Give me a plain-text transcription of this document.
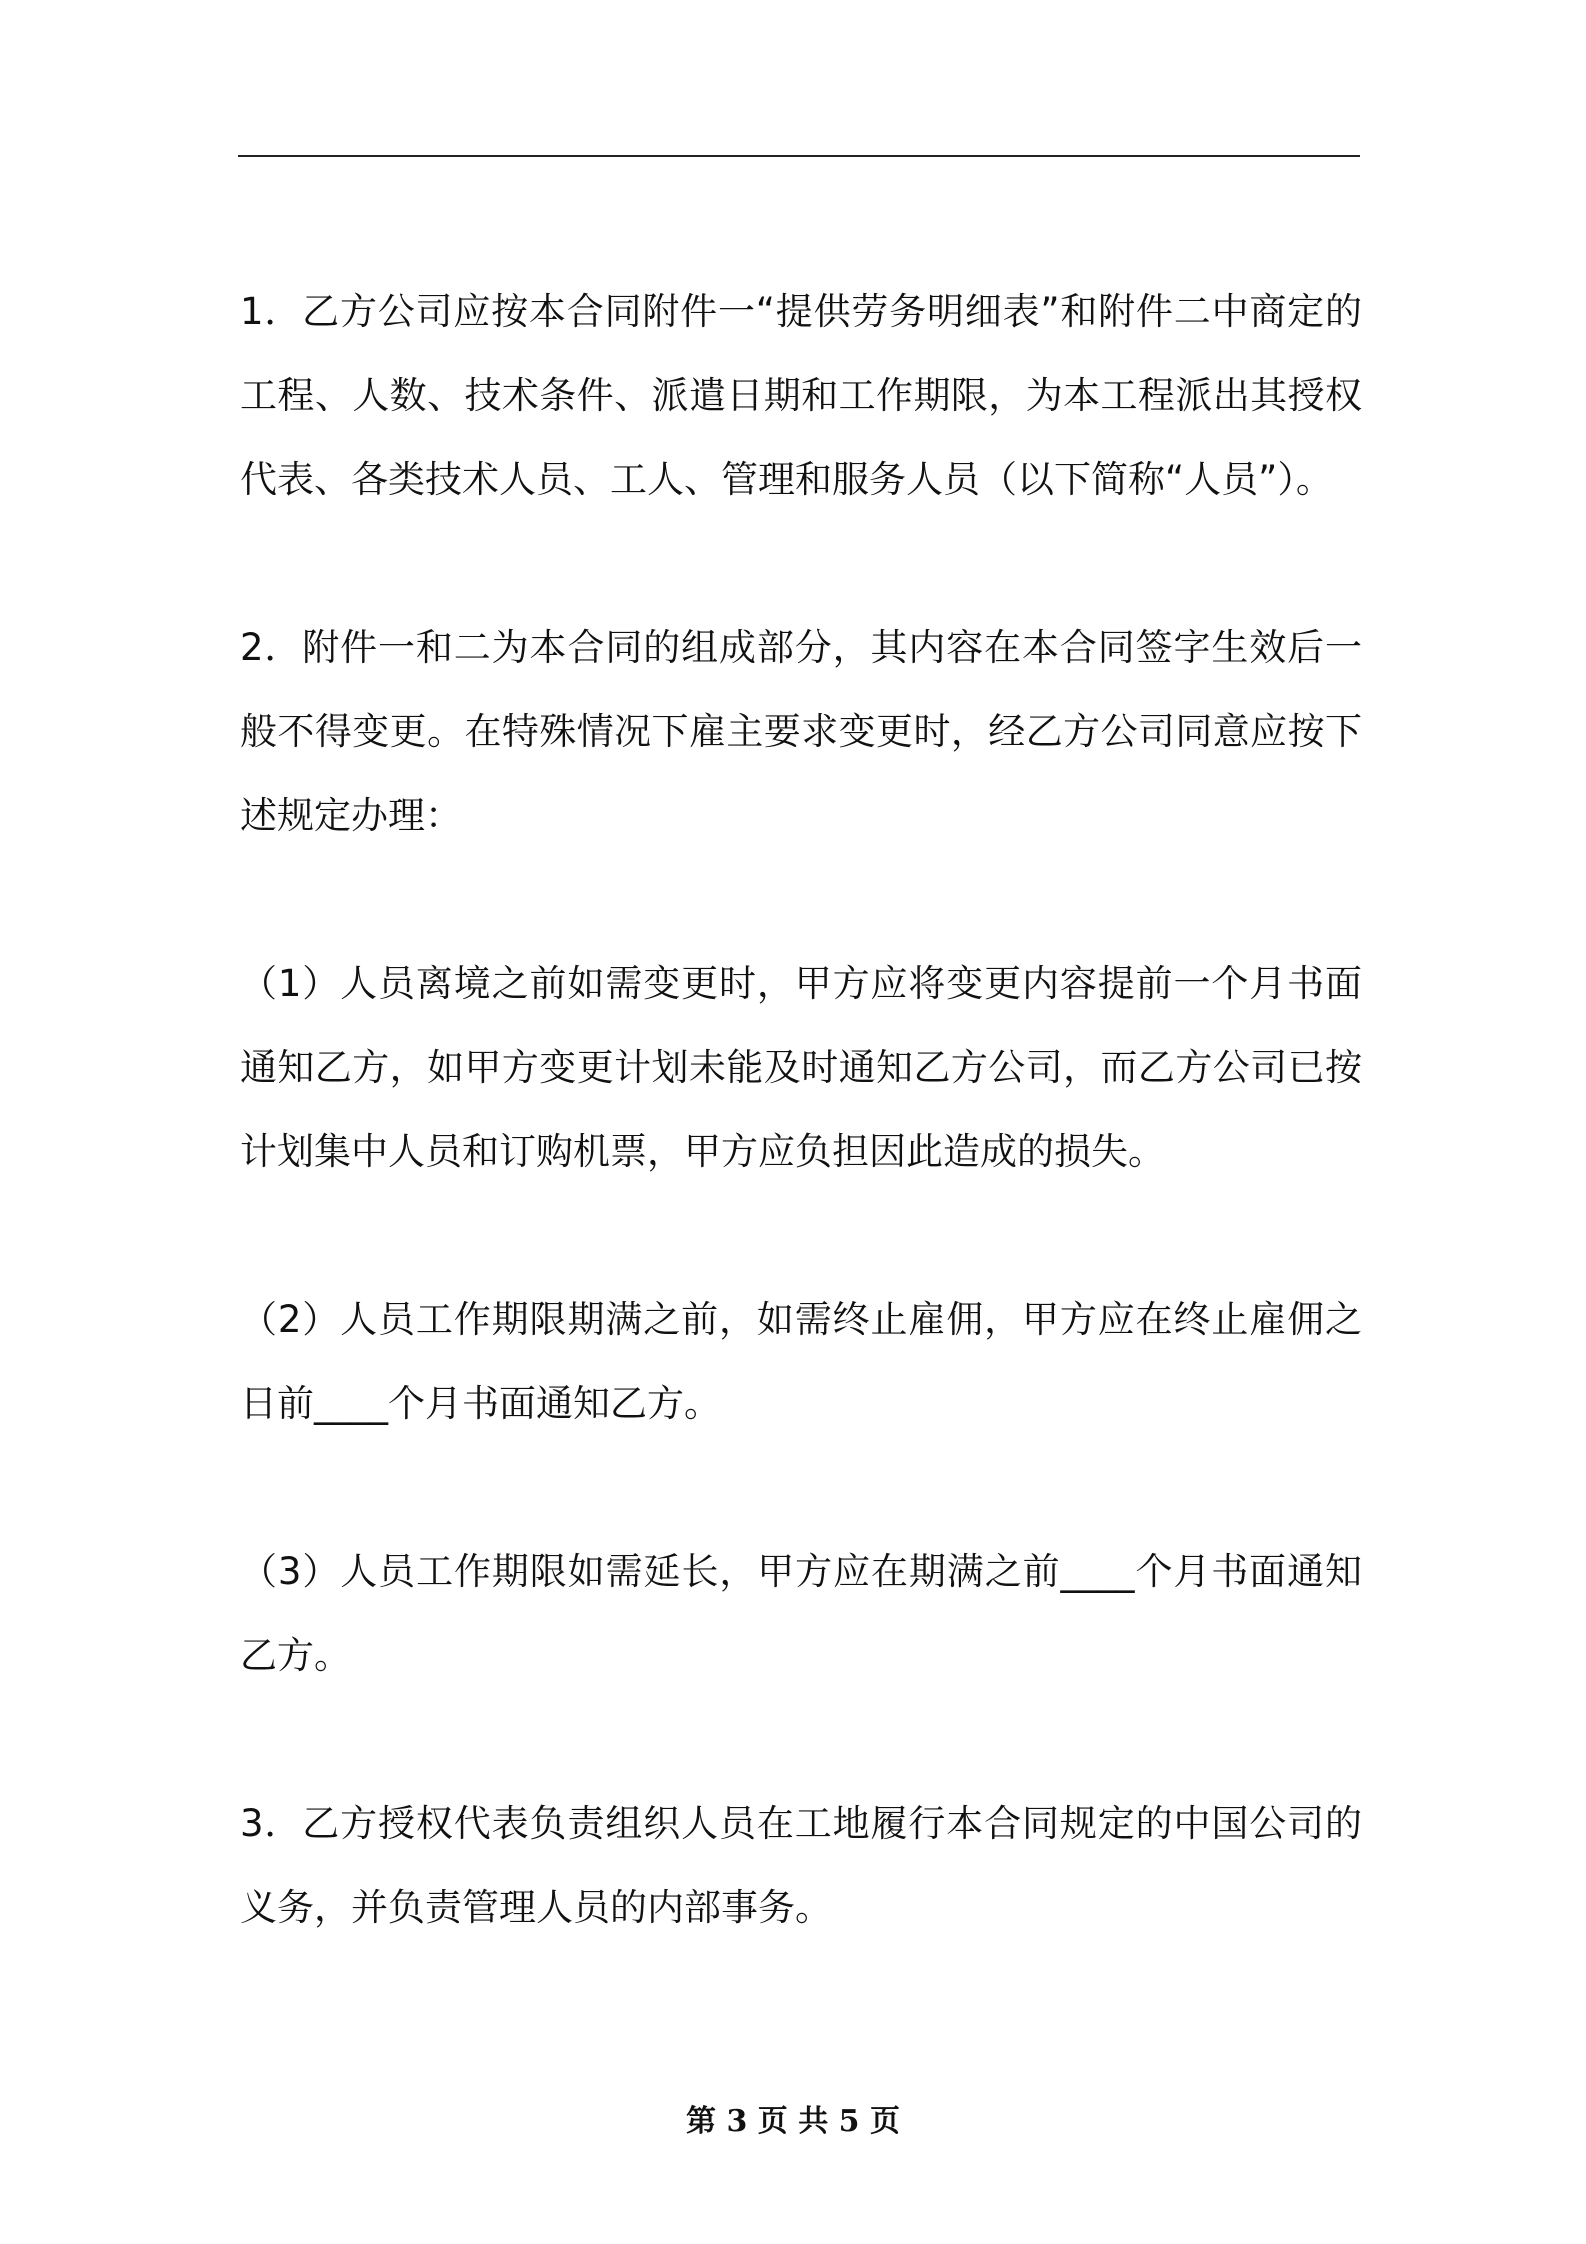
1．乙方公司应按本合同附件一“提供劳务明细表”和附件二中商定的工程、人数、技术条件、派遣日期和工作期限，为本工程派出其授权代表、各类技术人员、工人、管理和服务人员（以下简称“人员”）。

2．附件一和二为本合同的组成部分，其内容在本合同签字生效后一般不得变更。在特殊情况下雇主要求变更时，经乙方公司同意应按下述规定办理：

（1）人员离境之前如需变更时，甲方应将变更内容提前一个月书面通知乙方，如甲方变更计划未能及时通知乙方公司，而乙方公司已按计划集中人员和订购机票，甲方应负担因此造成的损失。

（2）人员工作期限期满之前，如需终止雇佣，甲方应在终止雇佣之日前____个月书面通知乙方。

（3）人员工作期限如需延长，甲方应在期满之前____个月书面通知乙方。

3．乙方授权代表负责组织人员在工地履行本合同规定的中国公司的义务，并负责管理人员的内部事务。

第 3 页 共 5 页
